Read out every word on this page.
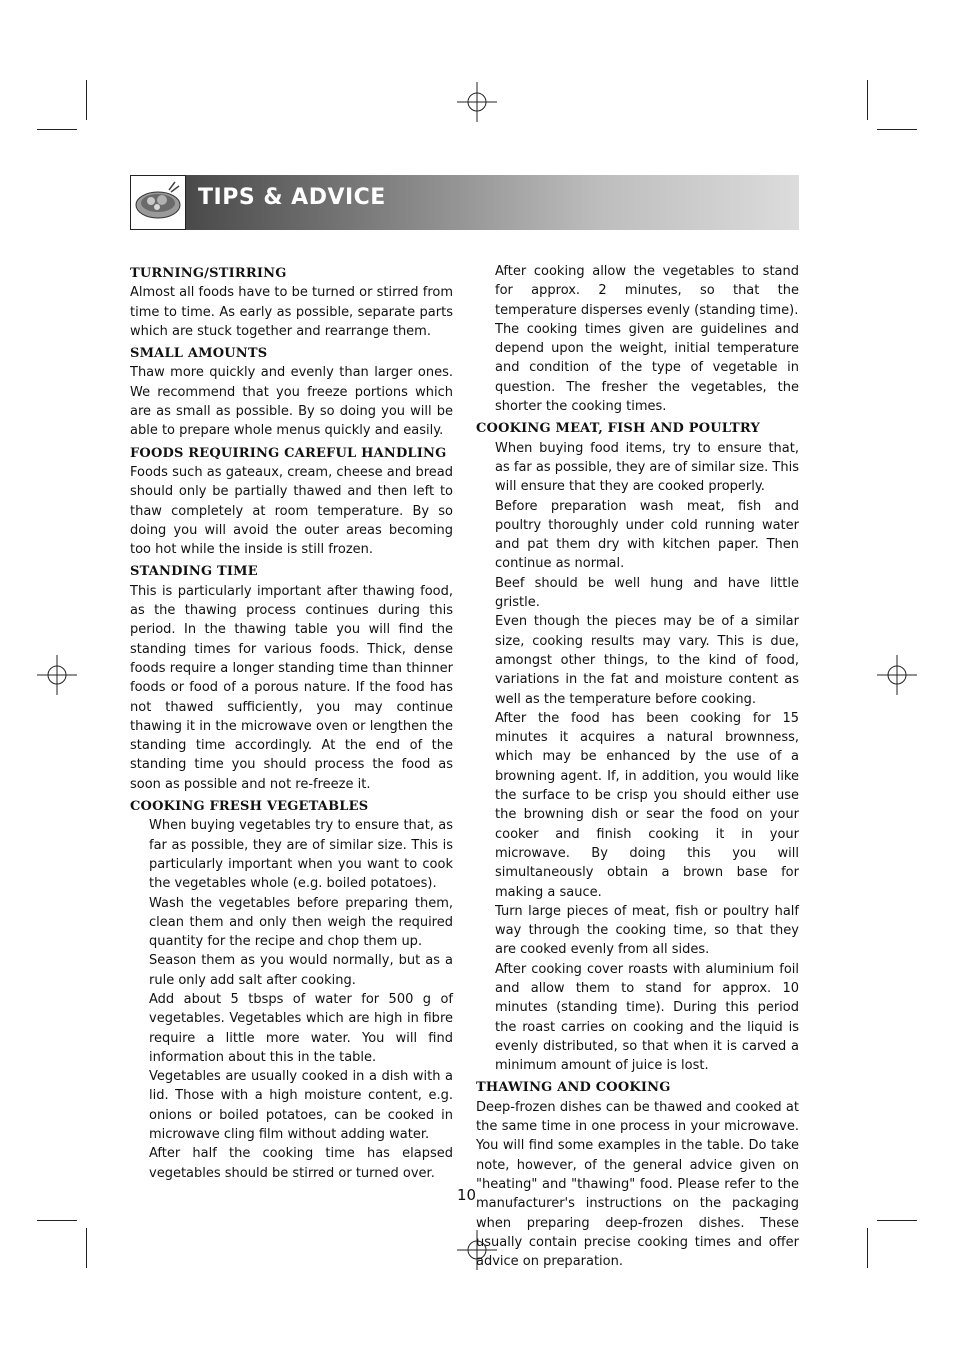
TIPS & ADVICE
TURNING/STIRRING

Almost all foods have to be turned or stirred from time to time. As early as possible, separate parts which are stuck together and rearrange them.

SMALL AMOUNTS

Thaw more quickly and evenly than larger ones. We recommend that you freeze portions which are as small as possible. By so doing you will be able to prepare whole menus quickly and easily.

FOODS REQUIRING CAREFUL HANDLING

Foods such as gateaux, cream, cheese and bread should only be partially thawed and then left to thaw completely at room temperature. By so doing you will avoid the outer areas becoming too hot while the inside is still frozen.

STANDING TIME

This is particularly important after thawing food, as the thawing process continues during this period. In the thawing table you will find the standing times for various foods. Thick, dense foods require a longer standing time than thinner foods or food of a porous nature. If the food has not thawed sufficiently, you may continue thawing it in the microwave oven or lengthen the standing time accordingly. At the end of the standing time you should process the food as soon as possible and not re-freeze it.

COOKING FRESH VEGETABLES

When buying vegetables try to ensure that, as far as possible, they are of similar size. This is particularly important when you want to cook the vegetables whole (e.g. boiled potatoes).

Wash the vegetables before preparing them, clean them and only then weigh the required quantity for the recipe and chop them up.

Season them as you would normally, but as a rule only add salt after cooking.

Add about 5 tbsps of water for 500 g of vegetables. Vegetables which are high in fibre require a little more water. You will find information about this in the table.

Vegetables are usually cooked in a dish with a lid. Those with a high moisture content, e.g. onions or boiled potatoes, can be cooked in microwave cling film without adding water.

After half the cooking time has elapsed vegetables should be stirred or turned over.

After cooking allow the vegetables to stand for approx. 2 minutes, so that the temperature disperses evenly (standing time).

The cooking times given are guidelines and depend upon the weight, initial temperature and condition of the type of vegetable in question. The fresher the vegetables, the shorter the cooking times.

COOKING MEAT, FISH AND POULTRY

When buying food items, try to ensure that, as far as possible, they are of similar size. This will ensure that they are cooked properly.

Before preparation wash meat, fish and poultry thoroughly under cold running water and pat them dry with kitchen paper. Then continue as normal.

Beef should be well hung and have little gristle.

Even though the pieces may be of a similar size, cooking results may vary. This is due, amongst other things, to the kind of food, variations in the fat and moisture content as well as the temperature before cooking.

After the food has been cooking for 15 minutes it acquires a natural brownness, which may be enhanced by the use of a browning agent. If, in addition, you would like the surface to be crisp you should either use the browning dish or sear the food on your cooker and finish cooking it in your microwave. By doing this you will simultaneously obtain a brown base for making a sauce.

Turn large pieces of meat, fish or poultry half way through the cooking time, so that they are cooked evenly from all sides.

After cooking cover roasts with aluminium foil and allow them to stand for approx. 10 minutes (standing time). During this period the roast carries on cooking and the liquid is evenly distributed, so that when it is carved a minimum amount of juice is lost.

THAWING AND COOKING

Deep-frozen dishes can be thawed and cooked at the same time in one process in your microwave. You will find some examples in the table. Do take note, however, of the general advice given on "heating" and "thawing" food. Please refer to the manufacturer's instructions on the packaging when preparing deep-frozen dishes. These usually contain precise cooking times and offer advice on preparation.

10
